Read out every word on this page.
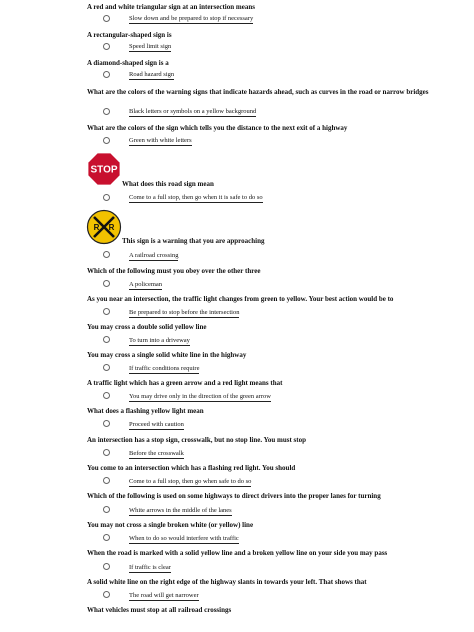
A red and white triangular sign at an intersection means
Slow down and be prepared to stop if necessary
A rectangular-shaped sign is
Speed limit sign
A diamond-shaped sign is a
Road hazard sign
What are the colors of the warning signs that indicate hazards ahead, such as curves in the road or narrow bridges
Black letters or symbols on a yellow background
What are the colors of the sign which tells you the distance to the next exit of a highway
Green with white letters
STOP
What does this road sign mean
Come to a full stop, then go when it is safe to do so
R R
This sign is a warning that you are approaching
A railroad crossing
Which of the following must you obey over the other three
A policeman
As you near an intersection, the traffic light changes from green to yellow. Your best action would be to
Be prepared to stop before the intersection
You may cross a double solid yellow line
To turn into a driveway
You may cross a single solid white line in the highway
If traffic conditions require
A traffic light which has a green arrow and a red light means that
You may drive only in the direction of the green arrow
What does a flashing yellow light mean
Proceed with caution
An intersection has a stop sign, crosswalk, but no stop line. You must stop
Before the crosswalk
You come to an intersection which has a flashing red light. You should
Come to a full stop, then go when safe to do so
Which of the following is used on some highways to direct drivers into the proper lanes for turning
White arrows in the middle of the lanes
You may not cross a single broken white (or yellow) line
When to do so would interfere with traffic
When the road is marked with a solid yellow line and a broken yellow line on your side you may pass
If traffic is clear
A solid white line on the right edge of the highway slants in towards your left. That shows that
The road will get narrower
What vehicles must stop at all railroad crossings
